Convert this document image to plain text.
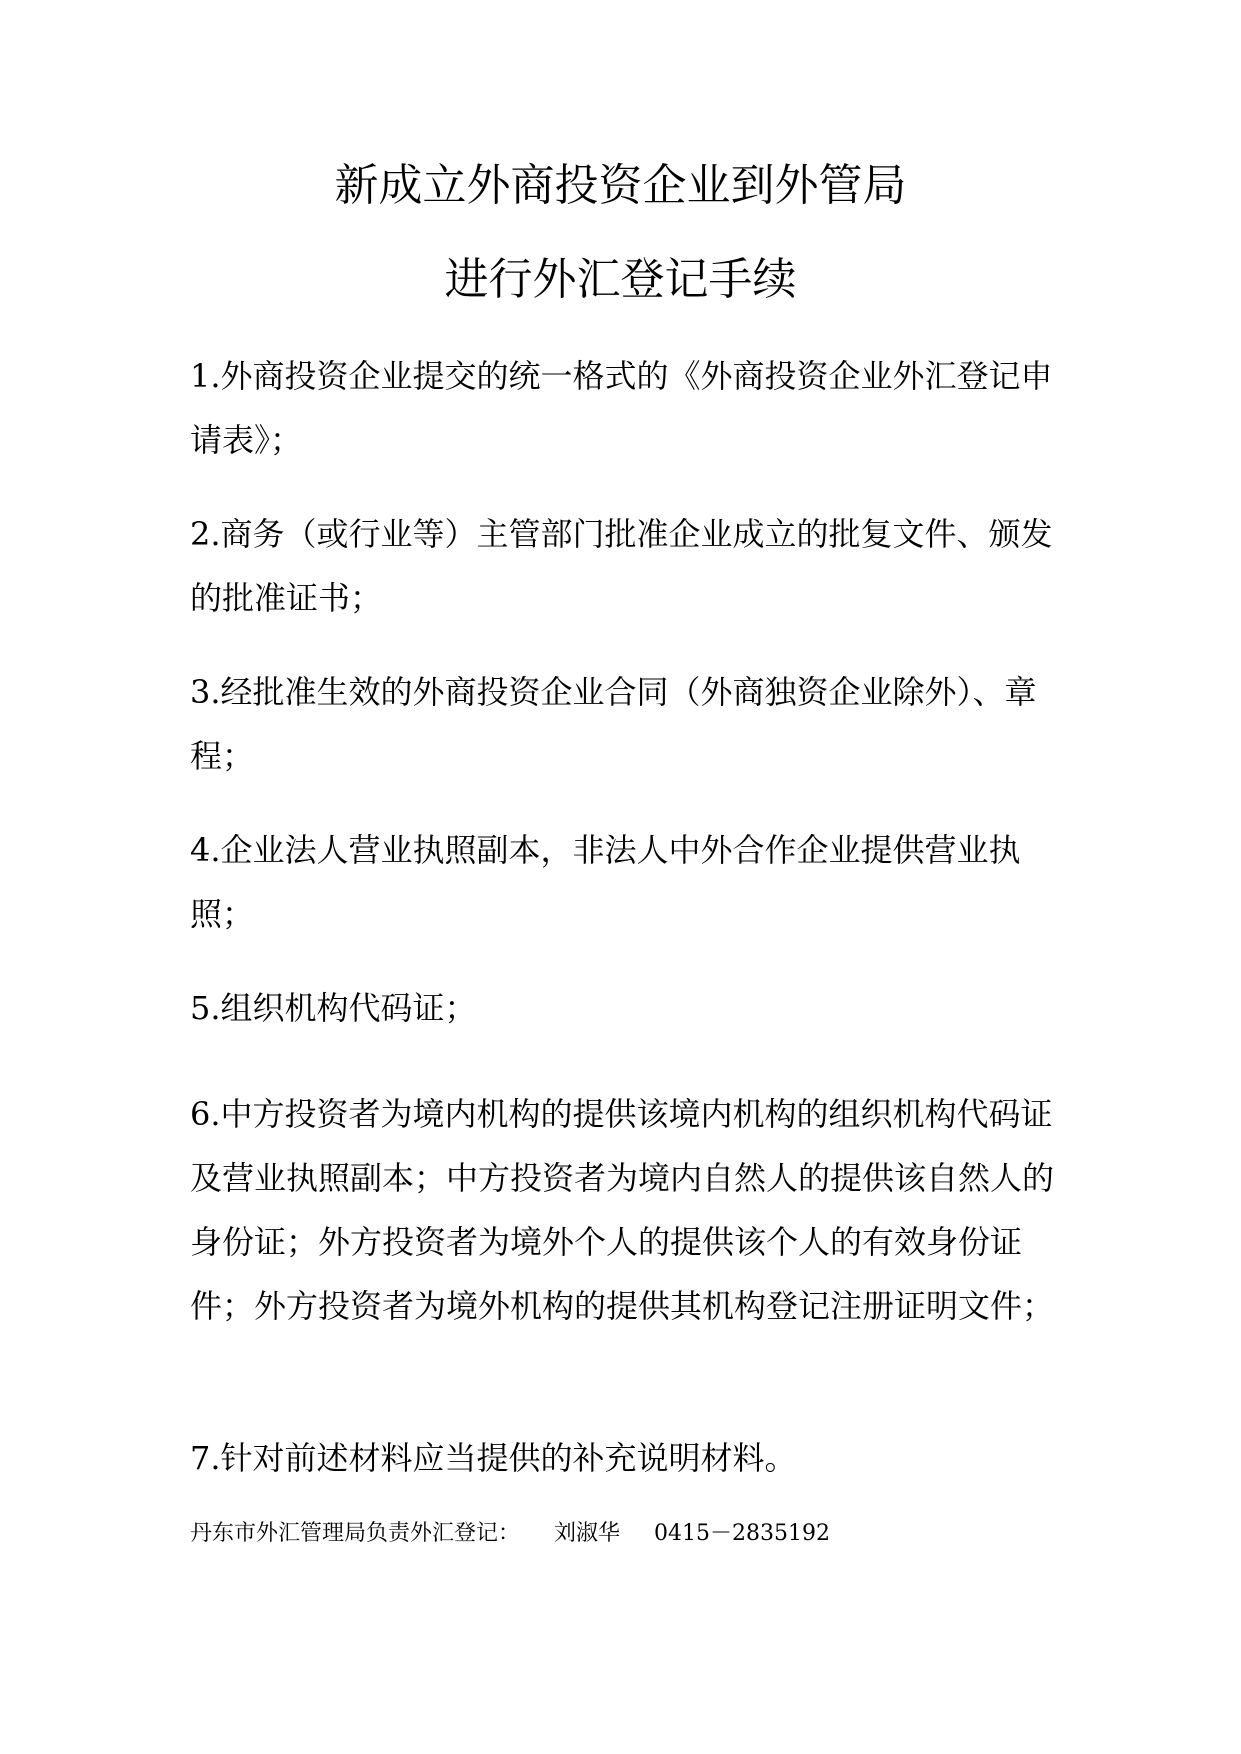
新成立外商投资企业到外管局
进行外汇登记手续

1.外商投资企业提交的统一格式的《外商投资企业外汇登记申请表》；

2.商务（或行业等）主管部门批准企业成立的批复文件、颁发的批准证书；

3.经批准生效的外商投资企业合同（外商独资企业除外）、章程；

4.企业法人营业执照副本，非法人中外合作企业提供营业执照；

5.组织机构代码证；

6.中方投资者为境内机构的提供该境内机构的组织机构代码证及营业执照副本；中方投资者为境内自然人的提供该自然人的身份证；外方投资者为境外个人的提供该个人的有效身份证件；外方投资者为境外机构的提供其机构登记注册证明文件；

7.针对前述材料应当提供的补充说明材料。

丹东市外汇管理局负责外汇登记： 刘淑华 0415－2835192
